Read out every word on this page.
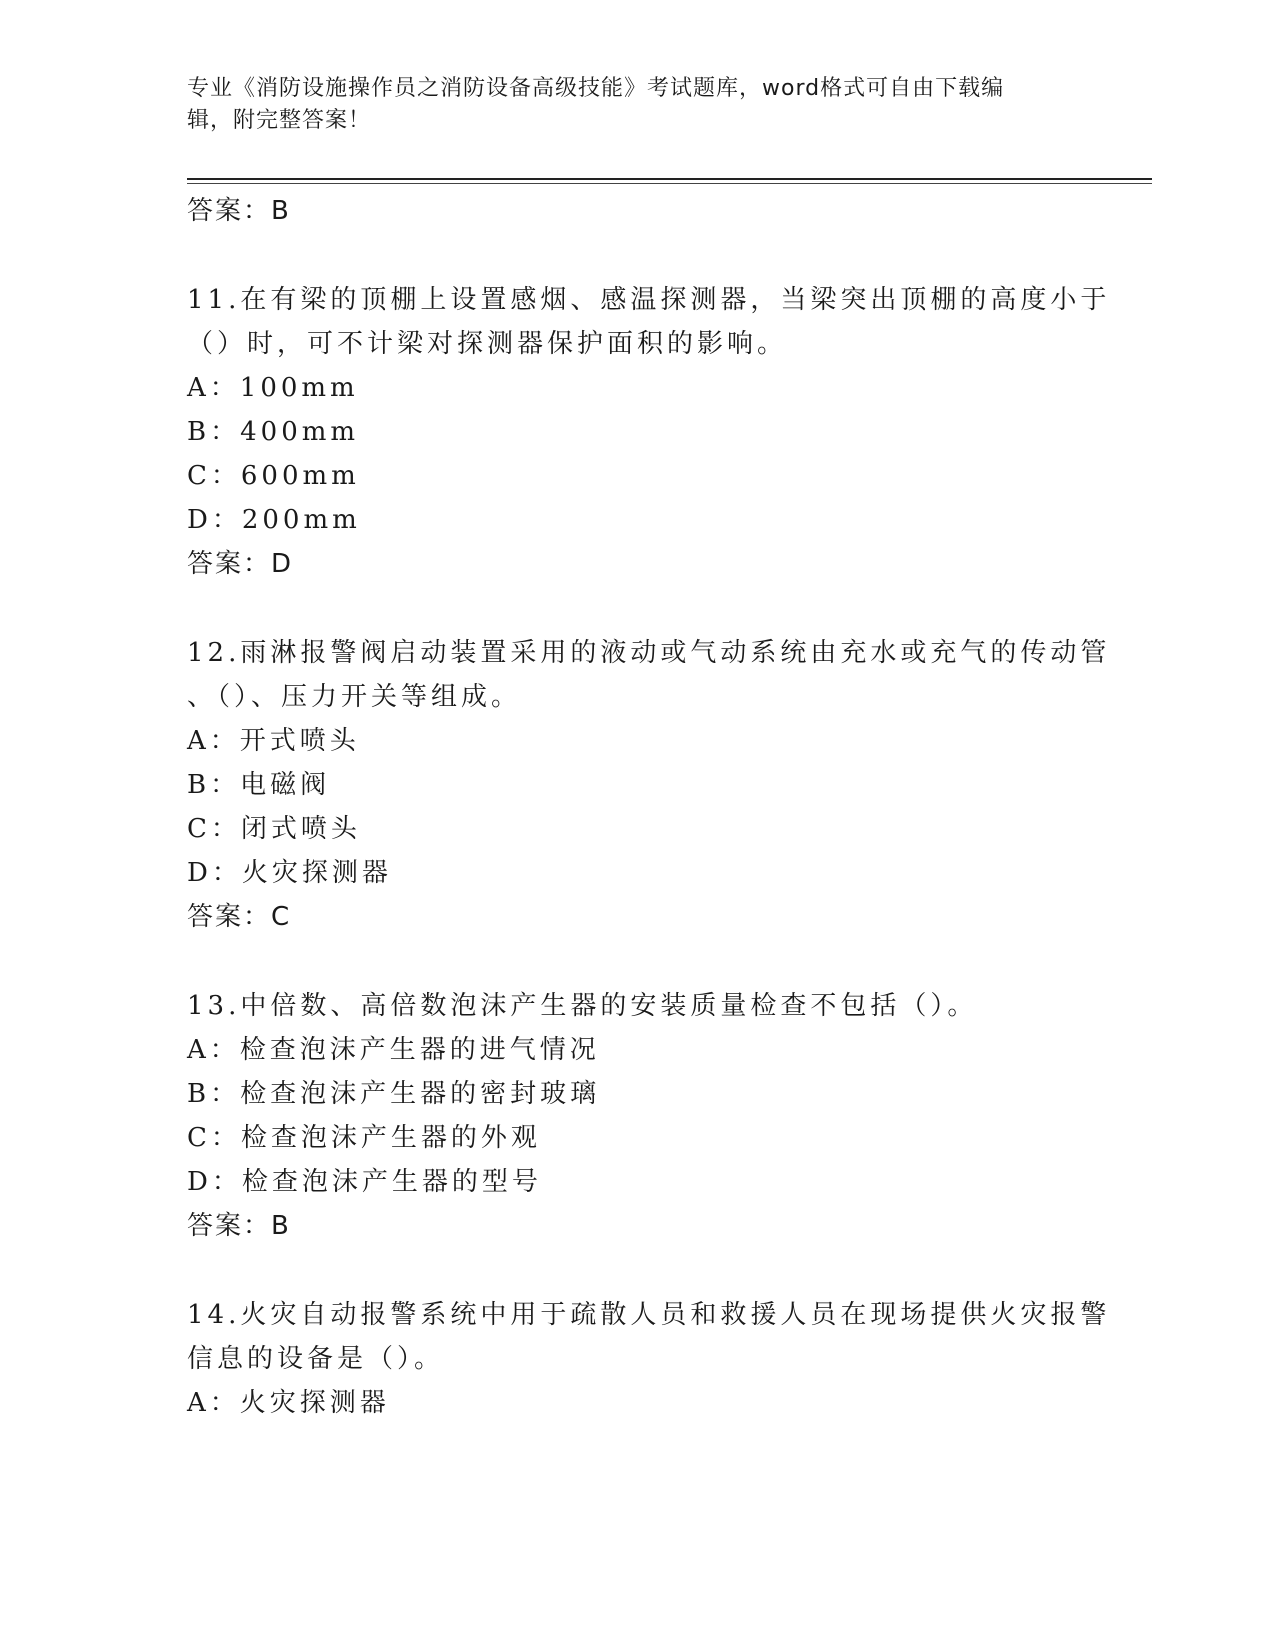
专业《消防设施操作员之消防设备高级技能》考试题库，word格式可自由下载编
辑，附完整答案！
答案：B
11.在有梁的顶棚上设置感烟、感温探测器，当梁突出顶棚的高度小于
（）时，可不计梁对探测器保护面积的影响。
A：100mm
B：400mm
C：600mm
D：200mm
答案：D
12.雨淋报警阀启动装置采用的液动或气动系统由充水或充气的传动管
、（）、压力开关等组成。
A：开式喷头
B：电磁阀
C：闭式喷头
D：火灾探测器
答案：C
13.中倍数、高倍数泡沫产生器的安装质量检查不包括（）。
A：检查泡沫产生器的进气情况
B：检查泡沫产生器的密封玻璃
C：检查泡沫产生器的外观
D：检查泡沫产生器的型号
答案：B
14.火灾自动报警系统中用于疏散人员和救援人员在现场提供火灾报警
信息的设备是（）。
A：火灾探测器
